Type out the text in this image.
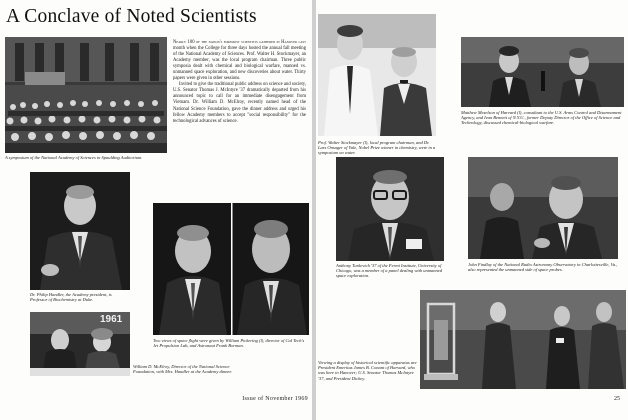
A Conclave of Noted Scientists
A symposium of the National Academy of Sciences in Spaulding Auditorium.

Nearly 100 of the nation's foremost scientists gathered in Hanover last month when the College for three days hosted the annual fall meeting of the National Academy of Sciences. Prof. Walter H. Stockmayer, an Academy member, was the local program chairman. Three public symposia dealt with chemical and biological warfare, manned vs. unmanned space exploration, and new discoveries about water. Thirty papers were given in other sessions.

Invited to give the traditional public address on science and society, U.S. Senator Thomas J. McIntyre '37 dramatically departed from his announced topic to call for an immediate disengagement from Vietnam. Dr. William D. McElroy, recently named head of the National Science Foundation, gave the dinner address and urged his fellow Academy members to accept "social responsibility" for the technological advances of science.

Dr. Philip Handler, the Academy president, is Professor of Biochemistry at Duke.
1961
William D. McElroy, Director of the National Science Foundation, with Mrs. Handler at the Academy dinner.
Two views of space flight were given by William Pickering (l), director of Cal Tech's Jet Propulsion Lab, and Astronaut Frank Borman.
Issue of November 1969
Prof. Walter Stockmayer (l), local program chairman, and Dr. Lars Onsager of Yale, Nobel Prize winner in chemistry, were in a symposium on water.
Matthew Meselson of Harvard (l), consultant to the U.S. Arms Control and Disarmament Agency, and Ivan Bennett of N.Y.U., former Deputy Director of the Office of Science and Technology, discussed chemical-biological warfare.
Anthony Turkevich '37 of the Fermi Institute, University of Chicago, was a member of a panel dealing with unmanned space exploration.
John Findlay of the National Radio Astronomy Observatory in Charlottesville, Va., also represented the unmanned side of space probes.
Viewing a display of historical scientific apparatus are President Emeritus James B. Conant of Harvard, who was here in Hanover; U.S. Senator Thomas McIntyre '37, and President Dickey.
25
